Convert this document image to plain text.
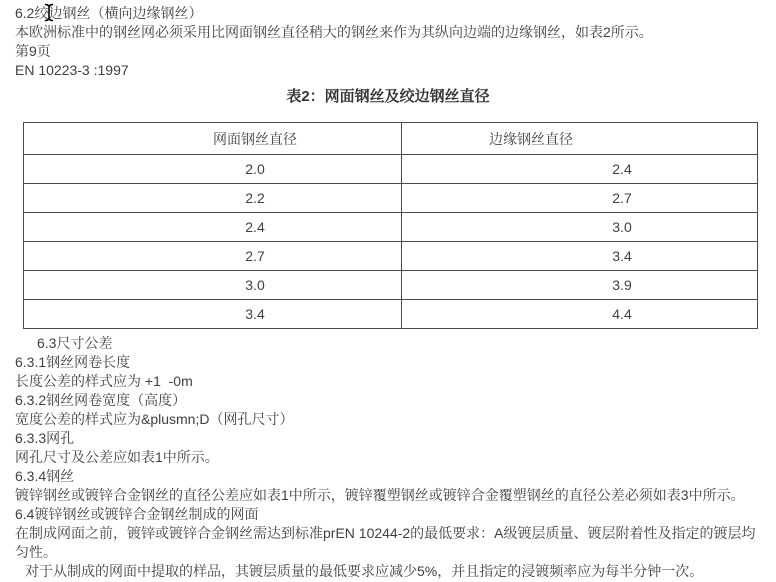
6.2绞边钢丝（横向边缘钢丝）

本欧洲标准中的钢丝网必须采用比网面钢丝直径稍大的钢丝来作为其纵向边端的边缘钢丝，如表2所示。

第9页

EN 10223-3 :1997

表2：网面钢丝及绞边钢丝直径

网面钢丝直径	边缘钢丝直径
2.0	2.4
2.2	2.7
2.4	3.0
2.7	3.4
3.0	3.9
3.4	4.4

6.3尺寸公差

6.3.1钢丝网卷长度

长度公差的样式应为 +1  -0m

6.3.2钢丝网卷宽度（高度）

宽度公差的样式应为&plusmn;D（网孔尺寸）

6.3.3网孔

网孔尺寸及公差应如表1中所示。

6.3.4钢丝

镀锌钢丝或镀锌合金钢丝的直径公差应如表1中所示，镀锌覆塑钢丝或镀锌合金覆塑钢丝的直径公差必须如表3中所示。

6.4镀锌钢丝或镀锌合金钢丝制成的网面

在制成网面之前，镀锌或镀锌合金钢丝需达到标准prEN 10244-2的最低要求：A级镀层质量、镀层附着性及指定的镀层均匀性。

对于从制成的网面中提取的样品，其镀层质量的最低要求应减少5%，并且指定的浸镀频率应为每半分钟一次。
